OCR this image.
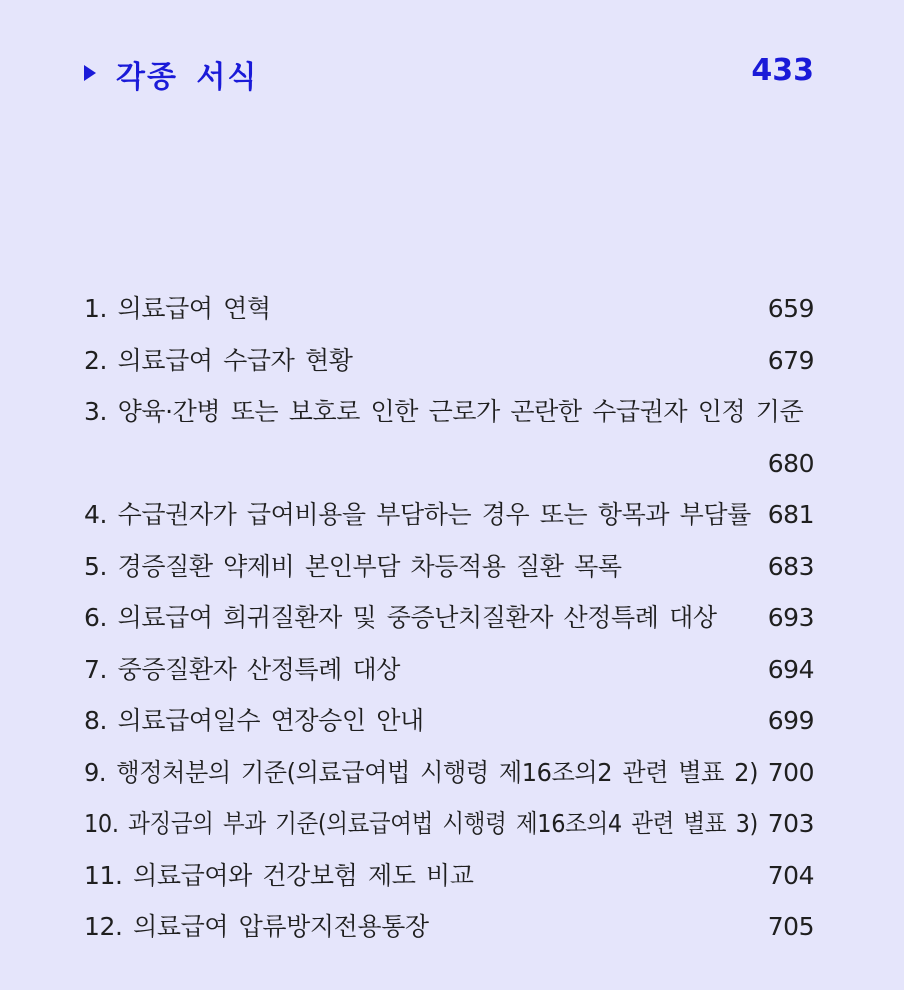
각종 서식	433
1. 의료급여 연혁	659
2. 의료급여 수급자 현황	679
3. 양육·간병 또는 보호로 인한 근로가 곤란한 수급권자 인정 기준
680
4. 수급권자가 급여비용을 부담하는 경우 또는 항목과 부담률 681
5. 경증질환 약제비 본인부담 차등적용 질환 목록	683
6. 의료급여 희귀질환자 및 중증난치질환자 산정특례 대상 693
7. 중증질환자 산정특례 대상	694
8. 의료급여일수 연장승인 안내	699
9. 행정처분의 기준(의료급여법 시행령 제16조의2 관련 별표 2) 700
10. 과징금의 부과 기준(의료급여법 시행령 제16조의4 관련 별표 3) 703
11. 의료급여와 건강보험 제도 비교	704
12. 의료급여 압류방지전용통장	705
